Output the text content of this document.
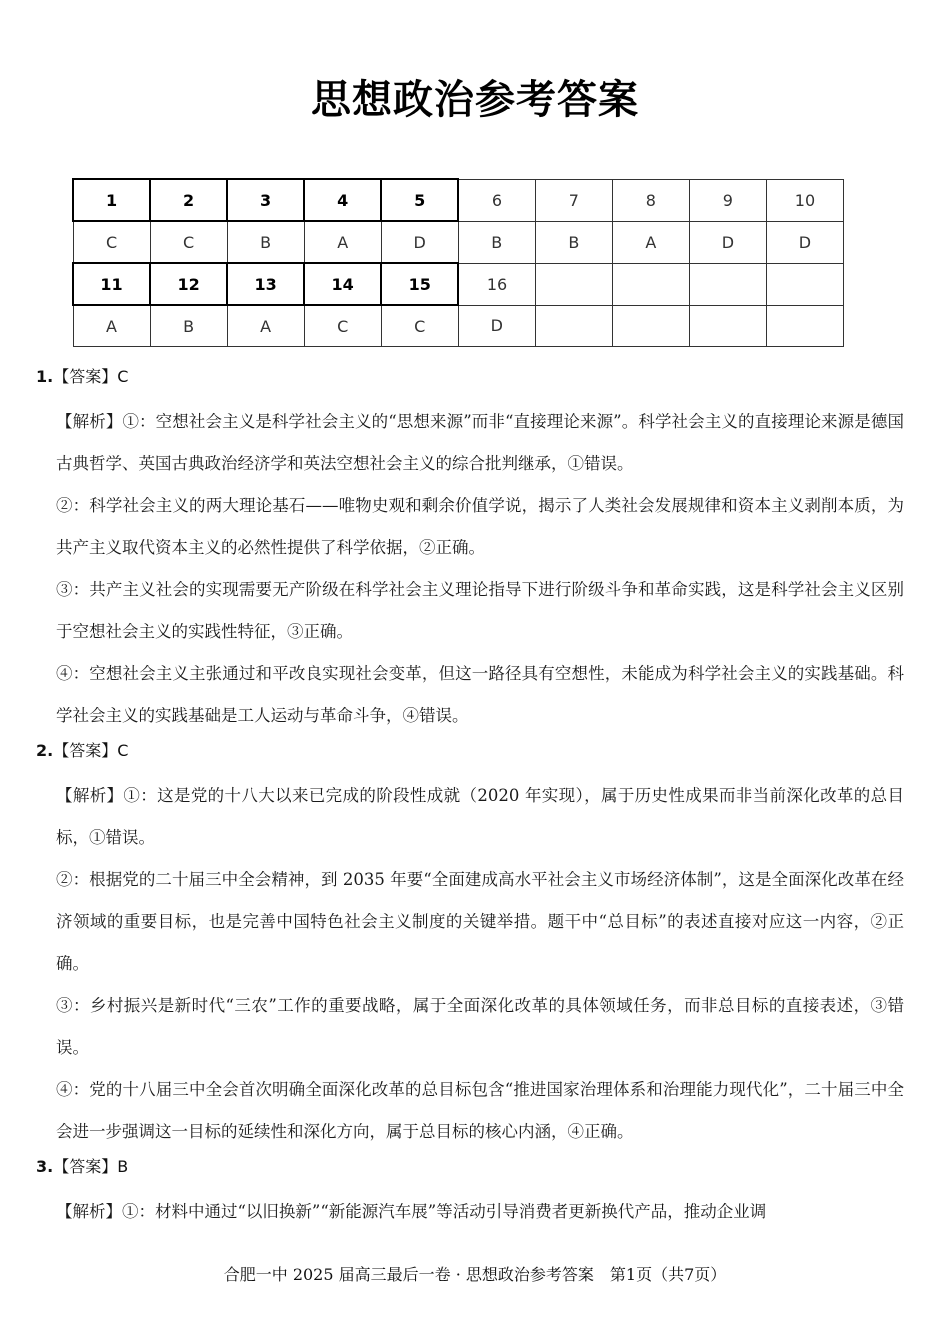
思想政治参考答案
1	2	3	4	5	6	7	8	9	10
C	C	B	A	D	B	B	A	D	D
11	12	13	14	15	16				
A	B	A	C	C	D				
1.【答案】C

【解析】①：空想社会主义是科学社会主义的“思想来源”而非“直接理论来源”。科学社会主义的直接理论来源是德国古典哲学、英国古典政治经济学和英法空想社会主义的综合批判继承，①错误。

②：科学社会主义的两大理论基石——唯物史观和剩余价值学说，揭示了人类社会发展规律和资本主义剥削本质，为共产主义取代资本主义的必然性提供了科学依据，②正确。

③：共产主义社会的实现需要无产阶级在科学社会主义理论指导下进行阶级斗争和革命实践，这是科学社会主义区别于空想社会主义的实践性特征，③正确。

④：空想社会主义主张通过和平改良实现社会变革，但这一路径具有空想性，未能成为科学社会主义的实践基础。科学社会主义的实践基础是工人运动与革命斗争，④错误。

2.【答案】C

【解析】①：这是党的十八大以来已完成的阶段性成就（2020 年实现），属于历史性成果而非当前深化改革的总目标，①错误。

②：根据党的二十届三中全会精神，到 2035 年要“全面建成高水平社会主义市场经济体制”，这是全面深化改革在经济领域的重要目标，也是完善中国特色社会主义制度的关键举措。题干中“总目标”的表述直接对应这一内容，②正确。

③：乡村振兴是新时代“三农”工作的重要战略，属于全面深化改革的具体领域任务，而非总目标的直接表述，③错误。

④：党的十八届三中全会首次明确全面深化改革的总目标包含“推进国家治理体系和治理能力现代化”，二十届三中全会进一步强调这一目标的延续性和深化方向，属于总目标的核心内涵，④正确。

3.【答案】B

【解析】①：材料中通过“以旧换新”“新能源汽车展”等活动引导消费者更新换代产品，推动企业调

合肥一中 2025 届高三最后一卷 · 思想政治参考答案　第1页（共7页）
